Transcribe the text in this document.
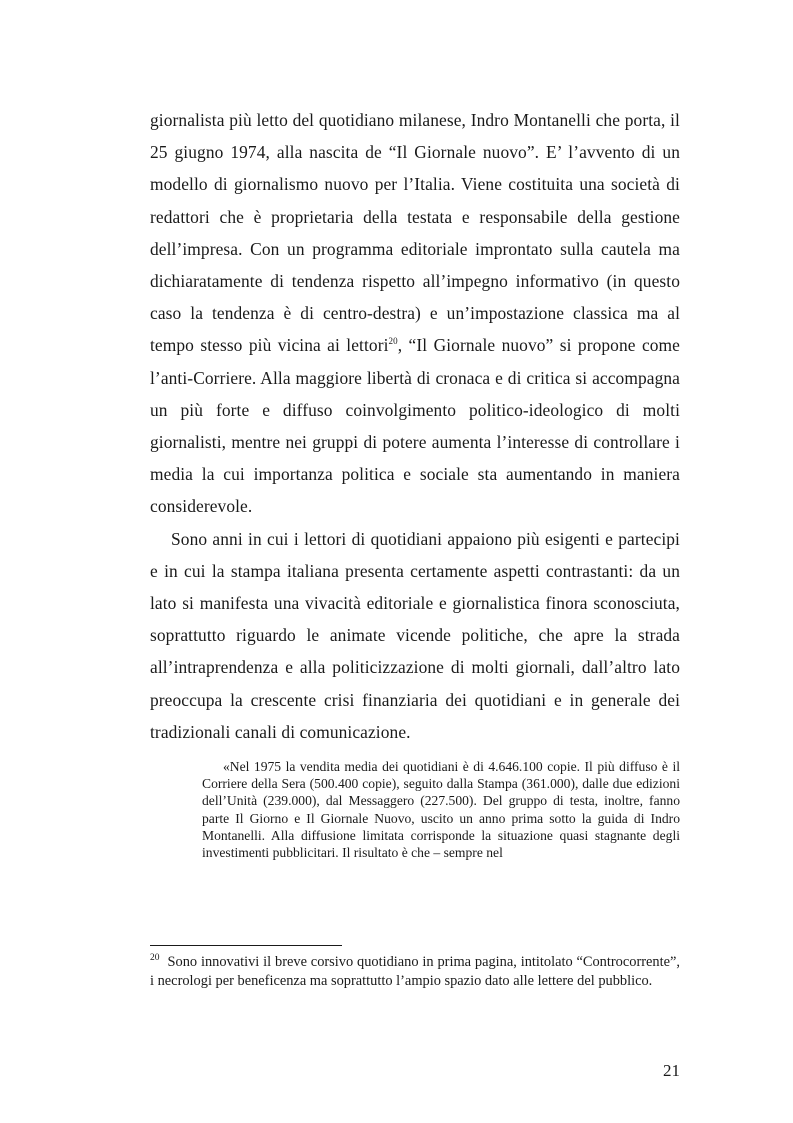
giornalista più letto del quotidiano milanese, Indro Montanelli che porta, il 25 giugno 1974, alla nascita de “Il Giornale nuovo”. E’ l’avvento di un modello di giornalismo nuovo per l’Italia. Viene costituita una società di redattori che è proprietaria della testata e responsabile della gestione dell’impresa. Con un programma editoriale improntato sulla cautela ma dichiaratamente di tendenza rispetto all’impegno informativo (in questo caso la tendenza è di centro-destra) e un’impostazione classica ma al tempo stesso più vicina ai lettori$^{20}$, “Il Giornale nuovo” si propone come l’anti-Corriere. Alla maggiore libertà di cronaca e di critica si accompagna un più forte e diffuso coinvolgimento politico-ideologico di molti giornalisti, mentre nei gruppi di potere aumenta l’interesse di controllare i media la cui importanza politica e sociale sta aumentando in maniera considerevole.

Sono anni in cui i lettori di quotidiani appaiono più esigenti e partecipi e in cui la stampa italiana presenta certamente aspetti contrastanti: da un lato si manifesta una vivacità editoriale e giornalistica finora sconosciuta, soprattutto riguardo le animate vicende politiche, che apre la strada all’intraprendenza e alla politicizzazione di molti giornali, dall’altro lato preoccupa la crescente crisi finanziaria dei quotidiani e in generale dei tradizionali canali di comunicazione.

«Nel 1975 la vendita media dei quotidiani è di 4.646.100 copie. Il più diffuso è il Corriere della Sera (500.400 copie), seguito dalla Stampa (361.000), dalle due edizioni dell’Unità (239.000), dal Messaggero (227.500). Del gruppo di testa, inoltre, fanno parte Il Giorno e Il Giornale Nuovo, uscito un anno prima sotto la guida di Indro Montanelli. Alla diffusione limitata corrisponde la situazione quasi stagnante degli investimenti pubblicitari. Il risultato è che – sempre nel

$^{20}$ Sono innovativi il breve corsivo quotidiano in prima pagina, intitolato “Controcorrente”, i necrologi per beneficenza ma soprattutto l’ampio spazio dato alle lettere del pubblico.

21
